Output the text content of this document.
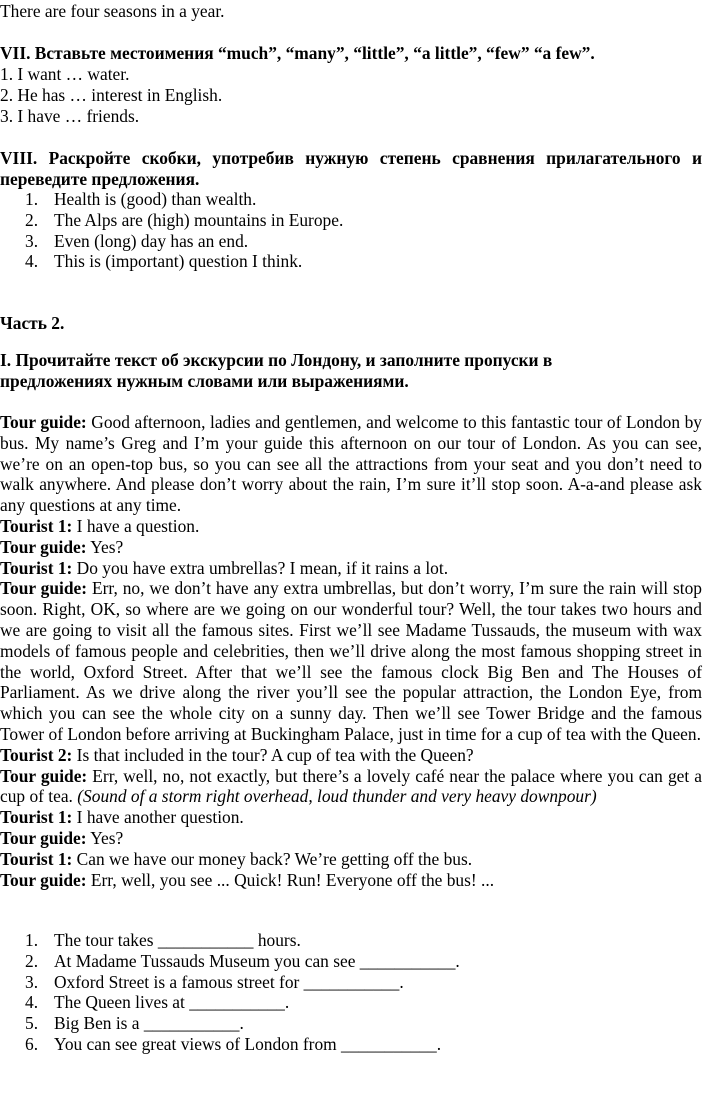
There are four seasons in a year.

VII. Вставьте местоимения “much”, “many”, “little”, “a little”, “few” “a few”.

1. I want … water.

2. He has … interest in English.

3. I have … friends.

VIII. Раскройте скобки, употребив нужную степень сравнения прилагательного и переведите предложения.

1. Health is (good) than wealth.
2. The Alps are (high) mountains in Europe.
3. Even (long) day has an end.
4. This is (important) question I think.

Часть 2.

I. Прочитайте текст об экскурсии по Лондону, и заполните пропуски в предложениях нужным словами или выражениями.

Tour guide: Good afternoon, ladies and gentlemen, and welcome to this fantastic tour of London by bus. My name’s Greg and I’m your guide this afternoon on our tour of London. As you can see, we’re on an open-top bus, so you can see all the attractions from your seat and you don’t need to walk anywhere. And please don’t worry about the rain, I’m sure it’ll stop soon. A-a-and please ask any questions at any time.

Tourist 1: I have a question.

Tour guide: Yes?

Tourist 1: Do you have extra umbrellas? I mean, if it rains a lot.

Tour guide: Err, no, we don’t have any extra umbrellas, but don’t worry, I’m sure the rain will stop soon. Right, OK, so where are we going on our wonderful tour? Well, the tour takes two hours and we are going to visit all the famous sites. First we’ll see Madame Tussauds, the museum with wax models of famous people and celebrities, then we’ll drive along the most famous shopping street in the world, Oxford Street. After that we’ll see the famous clock Big Ben and The Houses of Parliament. As we drive along the river you’ll see the popular attraction, the London Eye, from which you can see the whole city on a sunny day. Then we’ll see Tower Bridge and the famous Tower of London before arriving at Buckingham Palace, just in time for a cup of tea with the Queen.

Tourist 2: Is that included in the tour? A cup of tea with the Queen?

Tour guide: Err, well, no, not exactly, but there’s a lovely café near the palace where you can get a cup of tea. (Sound of a storm right overhead, loud thunder and very heavy downpour)

Tourist 1: I have another question.

Tour guide: Yes?

Tourist 1: Can we have our money back? We’re getting off the bus.

Tour guide: Err, well, you see ... Quick! Run! Everyone off the bus! ...

1. The tour takes ___________ hours.
2. At Madame Tussauds Museum you can see ___________.
3. Oxford Street is a famous street for ___________.
4. The Queen lives at ___________.
5. Big Ben is a ___________.
6. You can see great views of London from ___________.
